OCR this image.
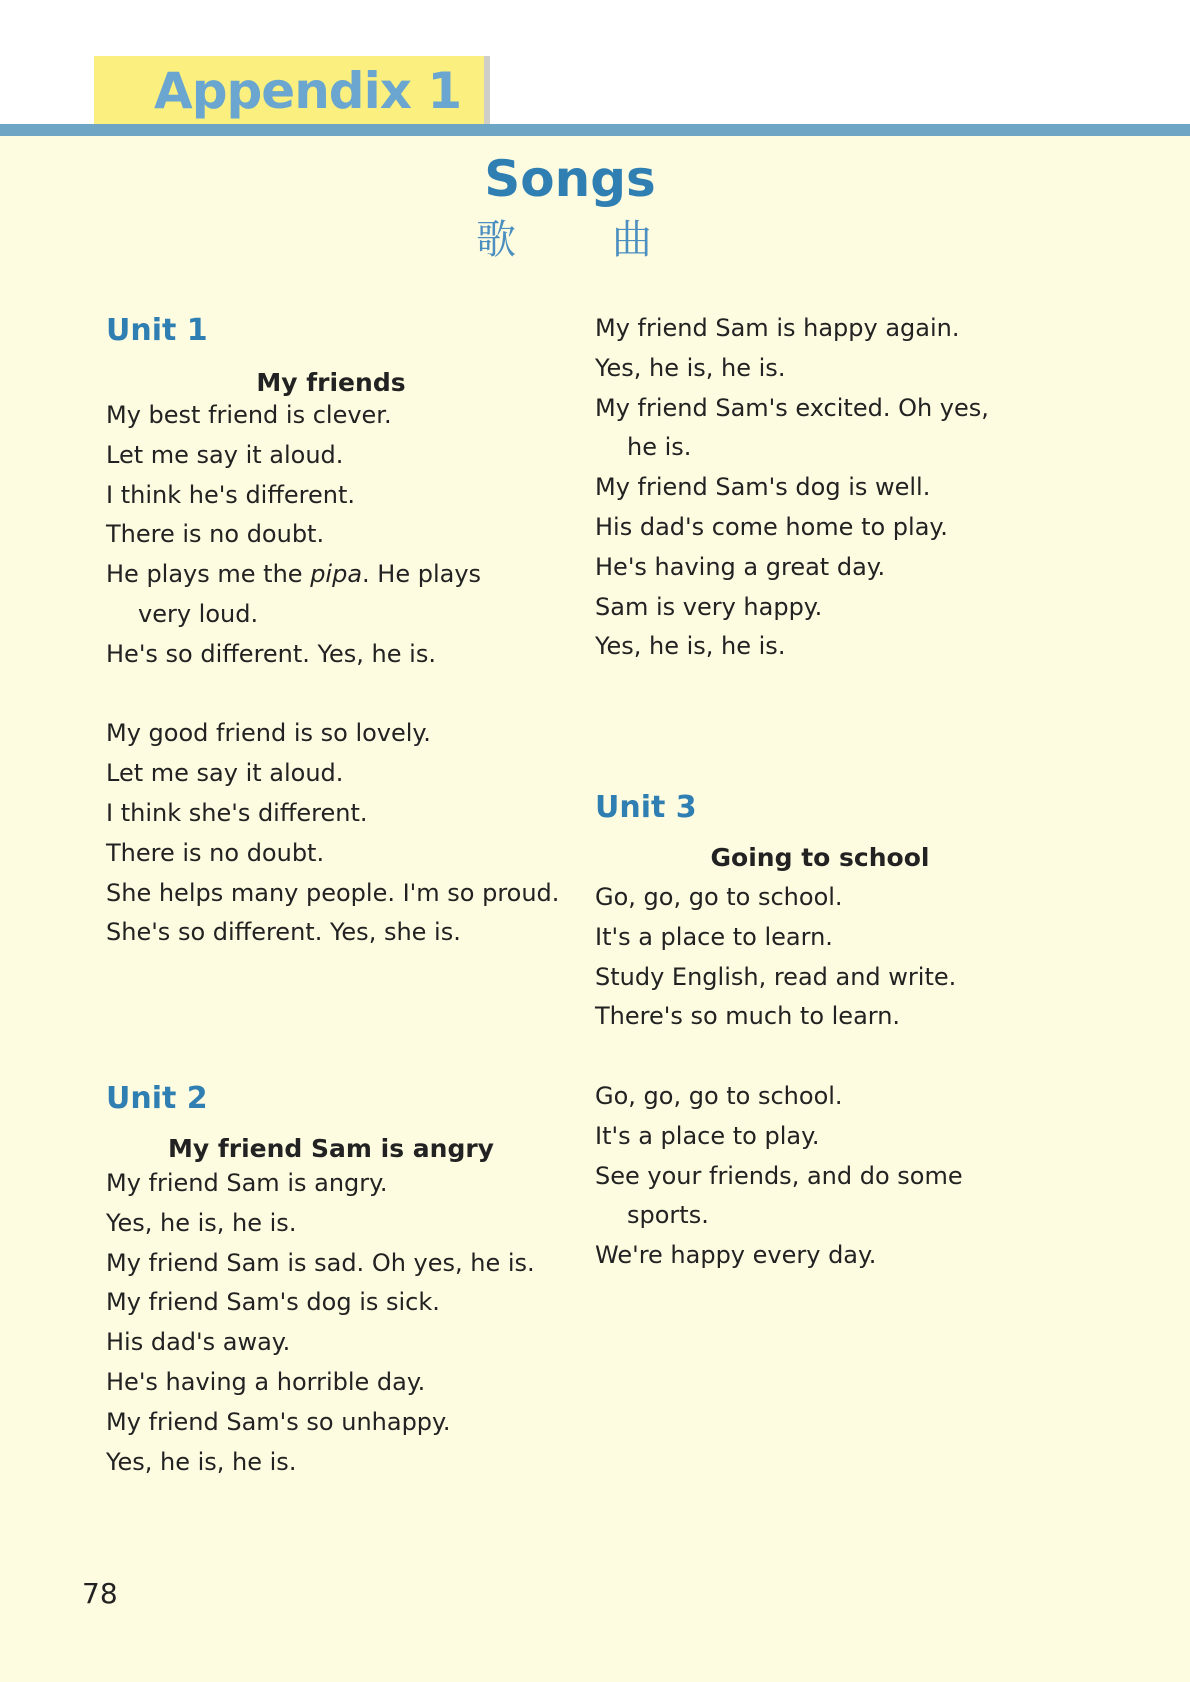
Appendix 1
Songs
歌 曲
Unit 1
My friends
My best friend is clever.
Let me say it aloud.
I think he's different.
There is no doubt.
He plays me the pipa. He plays
very loud.
He's so different. Yes, he is.
My good friend is so lovely.
Let me say it aloud.
I think she's different.
There is no doubt.
She helps many people. I'm so proud.
She's so different. Yes, she is.
Unit 2
My friend Sam is angry
My friend Sam is angry.
Yes, he is, he is.
My friend Sam is sad. Oh yes, he is.
My friend Sam's dog is sick.
His dad's away.
He's having a horrible day.
My friend Sam's so unhappy.
Yes, he is, he is.
My friend Sam is happy again.
Yes, he is, he is.
My friend Sam's excited. Oh yes,
he is.
My friend Sam's dog is well.
His dad's come home to play.
He's having a great day.
Sam is very happy.
Yes, he is, he is.
Unit 3
Going to school
Go, go, go to school.
It's a place to learn.
Study English, read and write.
There's so much to learn.
Go, go, go to school.
It's a place to play.
See your friends, and do some
sports.
We're happy every day.
78
